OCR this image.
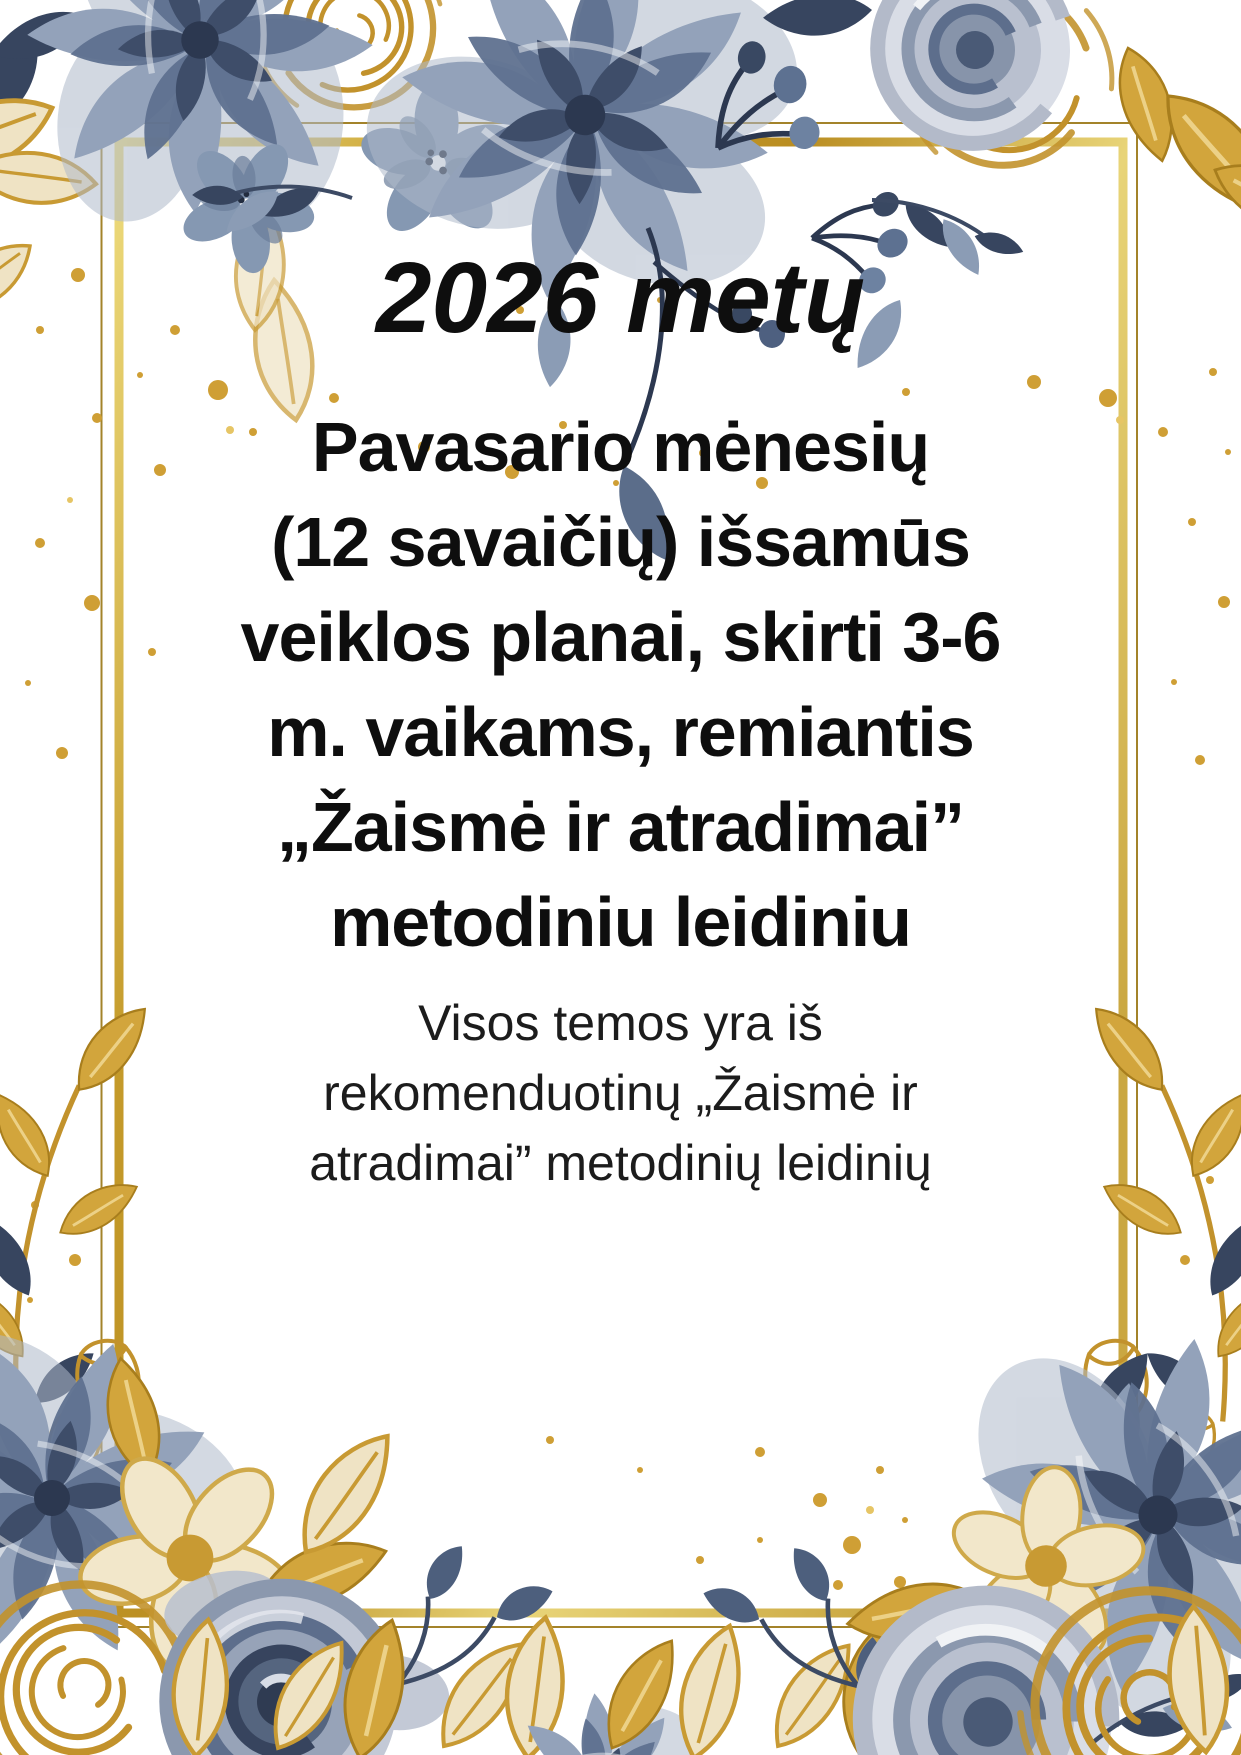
2026 metų
Pavasario mėnesių
(12 savaičių) išsamūs
veiklos planai, skirti 3-6
m. vaikams, remiantis
„Žaismė ir atradimai”
metodiniu leidiniu
Visos temos yra iš
rekomenduotinų „Žaismė ir
atradimai” metodinių leidinių
